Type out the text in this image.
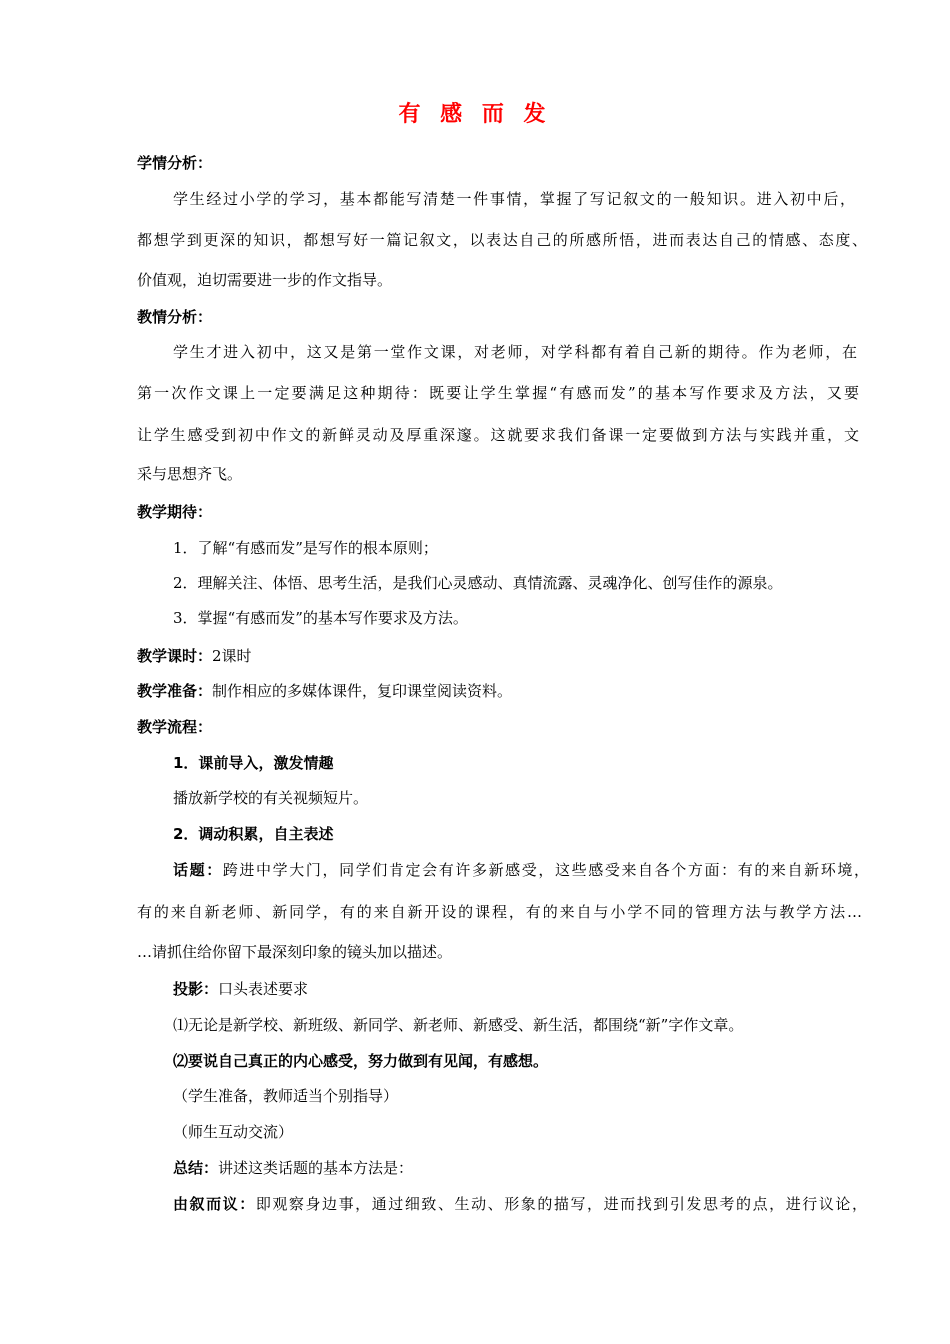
有 感 而 发
学情分析：
学生经过小学的学习，基本都能写清楚一件事情，掌握了写记叙文的一般知识。进入初中后，
都想学到更深的知识，都想写好一篇记叙文，以表达自己的所感所悟，进而表达自己的情感、态度、
价值观，迫切需要进一步的作文指导。
教情分析：
学生才进入初中，这又是第一堂作文课，对老师，对学科都有着自己新的期待。作为老师，在
第一次作文课上一定要满足这种期待：既要让学生掌握“有感而发”的基本写作要求及方法，又要
让学生感受到初中作文的新鲜灵动及厚重深邃。这就要求我们备课一定要做到方法与实践并重，文
采与思想齐飞。
教学期待：
1．了解“有感而发”是写作的根本原则；
2．理解关注、体悟、思考生活，是我们心灵感动、真情流露、灵魂净化、创写佳作的源泉。
3．掌握“有感而发”的基本写作要求及方法。
教学课时：2课时
教学准备：制作相应的多媒体课件，复印课堂阅读资料。
教学流程：
1．课前导入，激发情趣
播放新学校的有关视频短片。
2．调动积累，自主表述
话题：跨进中学大门，同学们肯定会有许多新感受，这些感受来自各个方面：有的来自新环境，
有的来自新老师、新同学，有的来自新开设的课程，有的来自与小学不同的管理方法与教学方法…
…请抓住给你留下最深刻印象的镜头加以描述。
投影：口头表述要求
⑴无论是新学校、新班级、新同学、新老师、新感受、新生活，都围绕“新”字作文章。
⑵要说自己真正的内心感受，努力做到有见闻，有感想。
（学生准备，教师适当个别指导）
（师生互动交流）
总结：讲述这类话题的基本方法是：
由叙而议：即观察身边事，通过细致、生动、形象的描写，进而找到引发思考的点，进行议论，
